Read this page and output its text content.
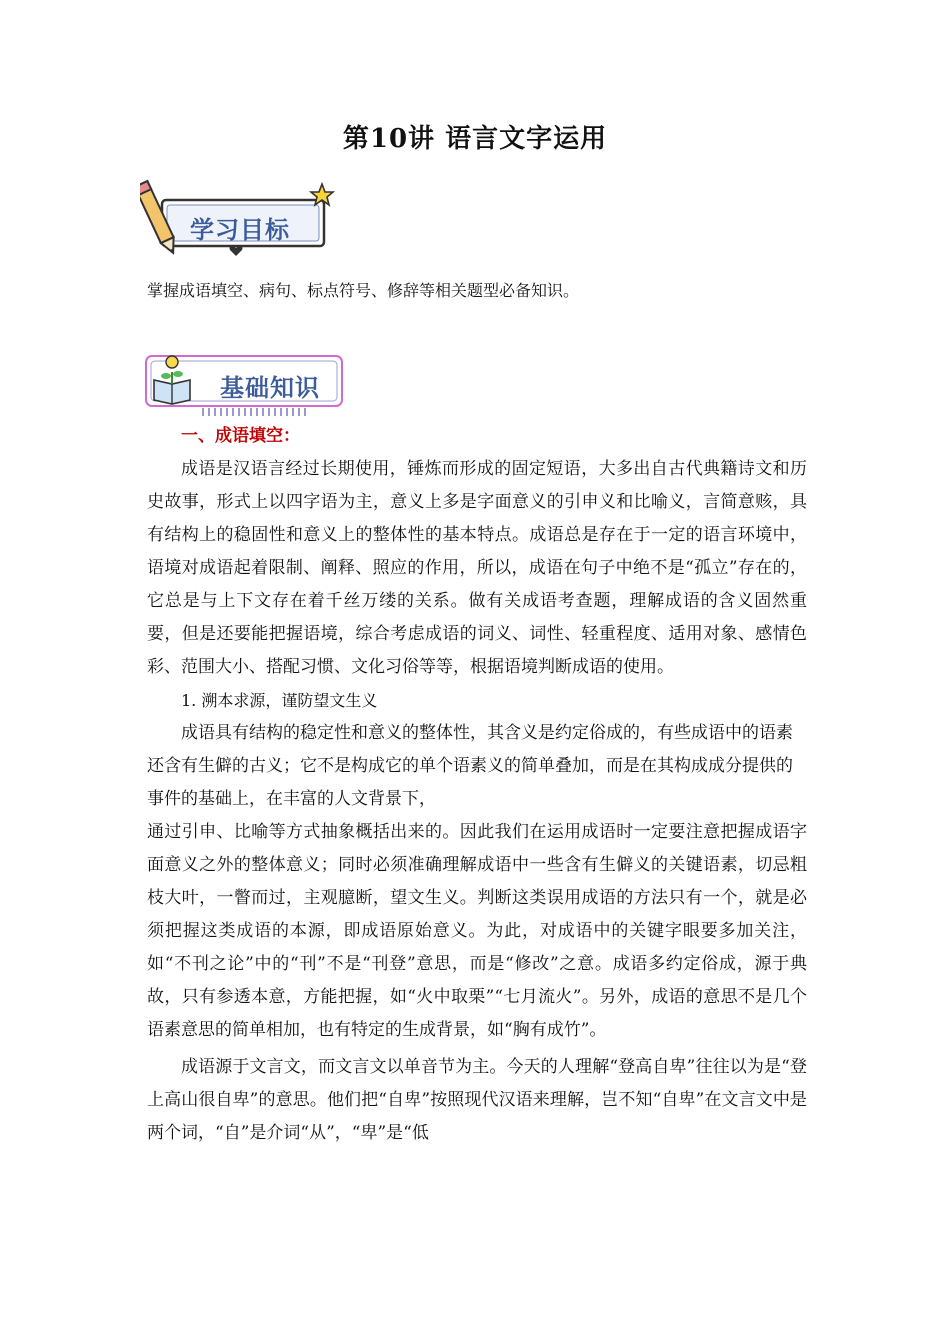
第10讲 语言文字运用
学习目标
掌握成语填空、病句、标点符号、修辞等相关题型必备知识。
基础知识

一、成语填空：

成语是汉语言经过长期使用，锤炼而形成的固定短语，大多出自古代典籍诗文和历史故事，形式上以四字语为主，意义上多是字面意义的引申义和比喻义，言简意赅，具有结构上的稳固性和意义上的整体性的基本特点。成语总是存在于一定的语言环境中，语境对成语起着限制、阐释、照应的作用，所以，成语在句子中绝不是“孤立”存在的，它总是与上下文存在着千丝万缕的关系。做有关成语考查题，理解成语的含义固然重要，但是还要能把握语境，综合考虑成语的词义、词性、轻重程度、适用对象、感情色彩、范围大小、搭配习惯、文化习俗等等，根据语境判断成语的使用。

1. 溯本求源，谨防望文生义

成语具有结构的稳定性和意义的整体性，其含义是约定俗成的，有些成语中的语素还含有生僻的古义；它不是构成它的单个语素义的简单叠加，而是在其构成成分提供的事件的基础上，在丰富的人文背景下，

通过引申、比喻等方式抽象概括出来的。因此我们在运用成语时一定要注意把握成语字面意义之外的整体意义；同时必须准确理解成语中一些含有生僻义的关键语素，切忌粗枝大叶，一瞥而过，主观臆断，望文生义。判断这类误用成语的方法只有一个，就是必须把握这类成语的本源，即成语原始意义。为此，对成语中的关键字眼要多加关注，如“不刊之论”中的“刊”不是“刊登”意思，而是“修改”之意。成语多约定俗成，源于典故，只有参透本意，方能把握，如“火中取栗”“七月流火”。另外，成语的意思不是几个语素意思的简单相加，也有特定的生成背景，如“胸有成竹”。

成语源于文言文，而文言文以单音节为主。今天的人理解“登高自卑”往往以为是“登上高山很自卑”的意思。他们把“自卑”按照现代汉语来理解，岂不知“自卑”在文言文中是两个词，“自”是介词“从”，“卑”是“低
